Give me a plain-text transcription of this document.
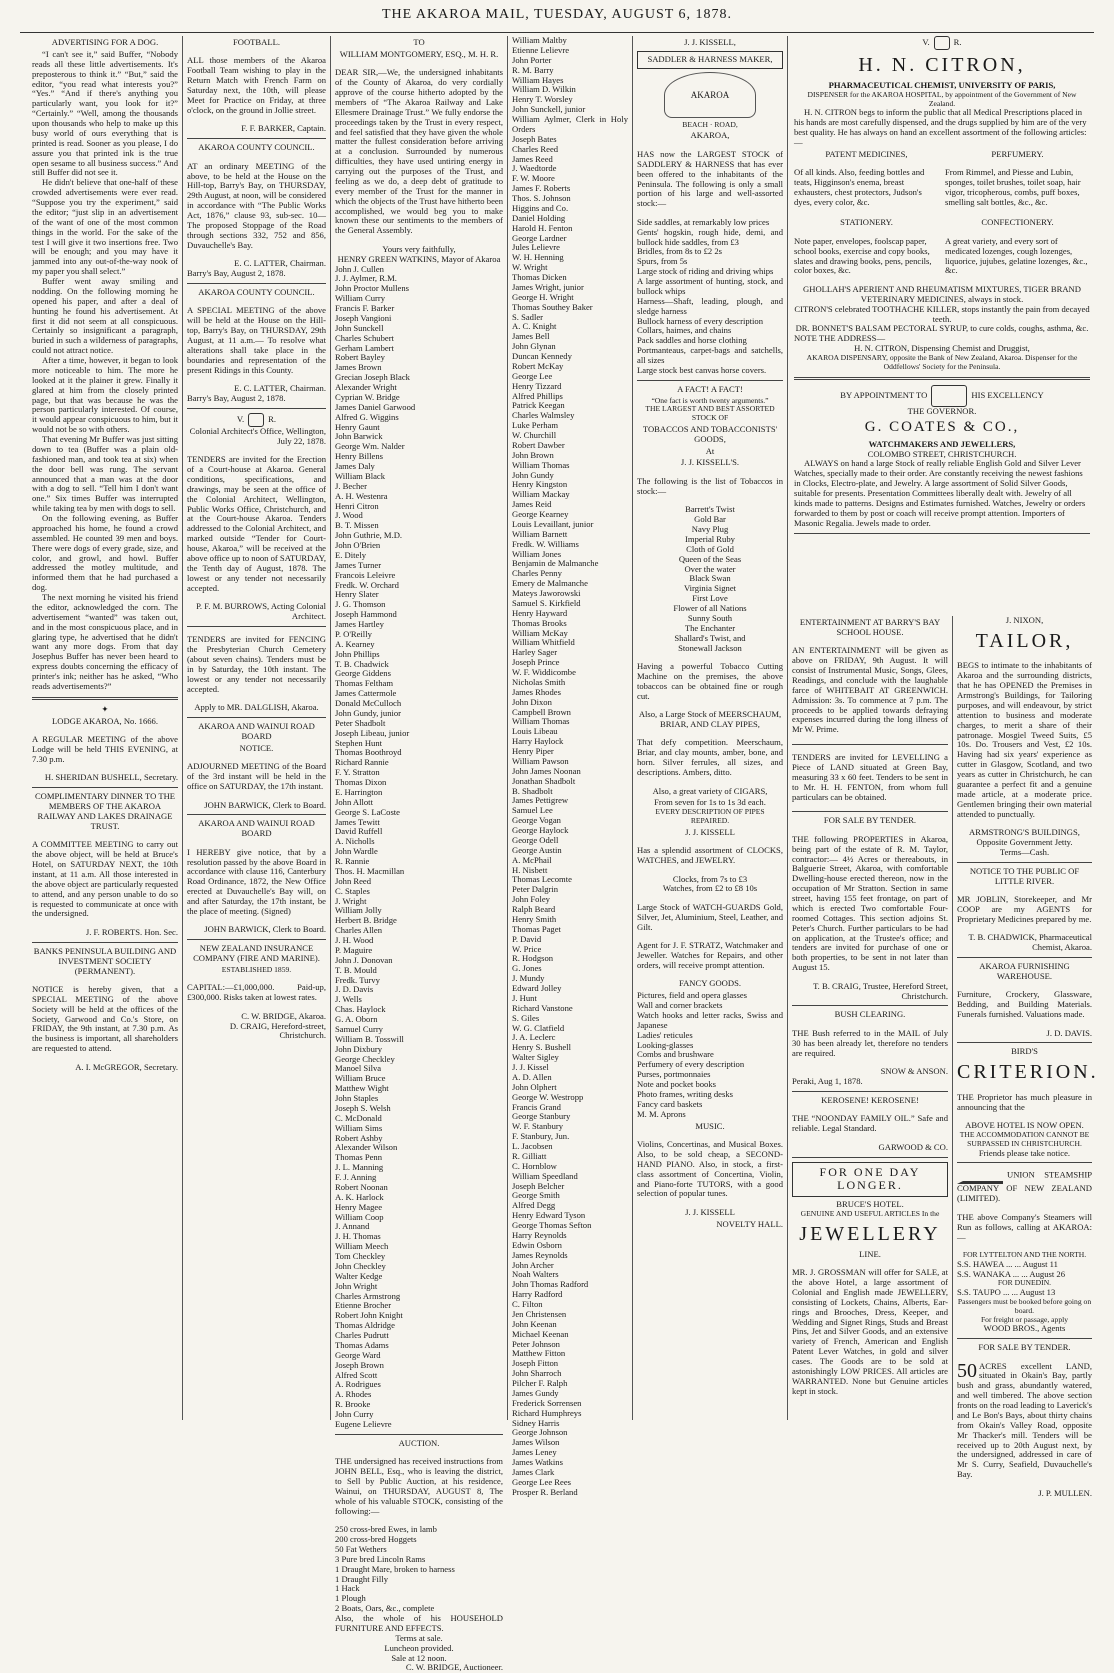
THE AKAROA MAIL, TUESDAY, AUGUST 6, 1878.
ADVERTISING FOR A DOG.

“I can't see it,” said Buffer, “Nobody reads all these little advertisements. It's preposterous to think it.” “But,” said the editor, “you read what interests you?” “Yes.” “And if there's anything you particularly want, you look for it?” “Certainly.” “Well, among the thousands upon thousands who help to make up this busy world of ours everything that is printed is read. Sooner as you please, I do assure you that printed ink is the true open sesame to all business success.” And still Buffer did not see it.

He didn't believe that one-half of these crowded advertisements were ever read. “Suppose you try the experiment,” said the editor; “just slip in an advertisement of the want of one of the most common things in the world. For the sake of the test I will give it two insertions free. Two will be enough; and you may have it jammed into any out-of-the-way nook of my paper you shall select.”

Buffer went away smiling and nodding. On the following morning he opened his paper, and after a deal of hunting he found his advertisement. At first it did not seem at all conspicuous. Certainly so insignificant a paragraph, buried in such a wilderness of paragraphs, could not attract notice.

After a time, however, it began to look more noticeable to him. The more he looked at it the plainer it grew. Finally it glared at him from the closely printed page, but that was because he was the person particularly interested. Of course, it would appear conspicuous to him, but it would not be so with others.

That evening Mr Buffer was just sitting down to tea (Buffer was a plain old-fashioned man, and took tea at six) when the door bell was rung. The servant announced that a man was at the door with a dog to sell. “Tell him I don't want one.” Six times Buffer was interrupted while taking tea by men with dogs to sell.

On the following evening, as Buffer approached his home, he found a crowd assembled. He counted 39 men and boys. There were dogs of every grade, size, and color, and growl, and howl. Buffer addressed the motley multitude, and informed them that he had purchased a dog.

The next morning he visited his friend the editor, acknowledged the corn. The advertisement “wanted” was taken out, and in the most conspicuous place, and in glaring type, he advertised that he didn't want any more dogs. From that day Josephus Buffer has never been heard to express doubts concerning the efficacy of printer's ink; neither has he asked, “Who reads advertisements?”

✦
LODGE AKAROA, No. 1666.

A REGULAR MEETING of the above Lodge will be held THIS EVENING, at 7.30 p.m.

H. SHERIDAN BUSHELL, Secretary.
COMPLIMENTARY DINNER TO THE MEMBERS OF THE AKAROA RAILWAY AND LAKES DRAINAGE TRUST.

A COMMITTEE MEETING to carry out the above object, will be held at Bruce's Hotel, on SATURDAY NEXT, the 10th instant, at 11 a.m. All those interested in the above object are particularly requested to attend, and any person unable to do so is requested to communicate at once with the undersigned.

J. F. ROBERTS. Hon. Sec.
BANKS PENINSULA BUILDING AND INVESTMENT SOCIETY (PERMANENT).

NOTICE is hereby given, that a SPECIAL MEETING of the above Society will be held at the offices of the Society, Garwood and Co.'s Store, on FRIDAY, the 9th instant, at 7.30 p.m. As the business is important, all shareholders are requested to attend.

A. I. McGREGOR, Secretary.
FOOTBALL.

ALL those members of the Akaroa Football Team wishing to play in the Return Match with French Farm on Saturday next, the 10th, will please Meet for Practice on Friday, at three o'clock, on the ground in Jollie street.

F. F. BARKER, Captain.
AKAROA COUNTY COUNCIL.

AT an ordinary MEETING of the above, to be held at the House on the Hill-top, Barry's Bay, on THURSDAY, 29th August, at noon, will be considered in accordance with “The Public Works Act, 1876,” clause 93, sub-sec. 10— The proposed Stoppage of the Road through sections 332, 752 and 856, Duvauchelle's Bay.

E. C. LATTER, Chairman.
Barry's Bay, August 2, 1878.
AKAROA COUNTY COUNCIL.

A SPECIAL MEETING of the above will be held at the House on the Hill-top, Barry's Bay, on THURSDAY, 29th August, at 11 a.m.— To resolve what alterations shall take place in the boundaries and representation of the present Ridings in this County.

E. C. LATTER, Chairman.
Barry's Bay, August 2, 1878.
V.	R.
Colonial Architect's Office, Wellington, July 22, 1878.

TENDERS are invited for the Erection of a Court-house at Akaroa. General conditions, specifications, and drawings, may be seen at the office of the Colonial Architect, Wellington, Public Works Office, Christchurch, and at the Court-house Akaroa. Tenders addressed to the Colonial Architect, and marked outside “Tender for Court-house, Akaroa,” will be received at the above office up to noon of SATURDAY, the Tenth day of August, 1878. The lowest or any tender not necessarily accepted.

P. F. M. BURROWS, Acting Colonial Architect.

TENDERS are invited for FENCING the Presbyterian Church Cemetery (about seven chains). Tenders must be in by Saturday, the 10th instant. The lowest or any tender not necessarily accepted.

Apply to MR. DALGLISH, Akaroa.
AKAROA AND WAINUI ROAD BOARD
NOTICE.

ADJOURNED MEETING of the Board of the 3rd instant will be held in the office on SATURDAY, the 17th instant.

JOHN BARWICK, Clerk to Board.
AKAROA AND WAINUI ROAD BOARD

I HEREBY give notice, that by a resolution passed by the above Board in accordance with clause 116, Canterbury Road Ordinance, 1872, the New Office erected at Duvauchelle's Bay will, on and after Saturday, the 17th instant, be the place of meeting. (Signed)

JOHN BARWICK, Clerk to Board.
NEW ZEALAND INSURANCE COMPANY (FIRE AND MARINE).
ESTABLISHED 1859.

CAPITAL:—£1,000,000. Paid-up, £300,000. Risks taken at lowest rates.

C. W. BRIDGE, Akaroa.
D. CRAIG, Hereford-street, Christchurch.
TO
WILLIAM MONTGOMERY, ESQ., M. H. R.

DEAR SIR,—We, the undersigned inhabitants of the County of Akaroa, do very cordially approve of the course hitherto adopted by the members of “The Akaroa Railway and Lake Ellesmere Drainage Trust.” We fully endorse the proceedings taken by the Trust in every respect, and feel satisfied that they have given the whole matter the fullest consideration before arriving at a conclusion. Surrounded by numerous difficulties, they have used untiring energy in carrying out the purposes of the Trust, and feeling as we do, a deep debt of gratitude to every member of the Trust for the manner in which the objects of the Trust have hitherto been accomplished, we would beg you to make known these our sentiments to the members of the General Assembly.

Yours very faithfully,
HENRY GREEN WATKINS, Mayor of Akaroa
John J. Cullen
J. J. Aylmer, R.M.
John Proctor Mullens
William Curry
Francis F. Barker
Joseph Vangioni
John Sunckell
Charles Schubert
Gerham Lambert
Robert Bayley
James Brown
Grecian Joseph Black
Alexander Wright
Cyprian W. Bridge
James Daniel Garwood
Alfred G. Wiggins
Henry Gaunt
John Barwick
George Wm. Nalder
Henry Billens
James Daly
William Black
J. Becher
A. H. Westenra
Henri Citron
J. Wood
B. T. Missen
John Guthrie, M.D.
John O'Brien
E. Ditely
James Turner
Francois Leleivre
Fredk. W. Orchard
Henry Slater
J. G. Thomson
Joseph Hammond
James Hartley
P. O'Reilly
A. Kearney
John Phillips
T. B. Chadwick
George Giddens
Thomas Feltham
James Cattermole
Donald McCulloch
John Gundy, junior
Peter Shadbolt
Joseph Libeau, junior
Stephen Hunt
Thomas Boothroyd
Richard Rannie
F. Y. Stratton
Thomas Dixon
E. Harrington
John Allott
George S. LaCoste
James Tewitt
David Ruffell
A. Nicholls
John Wardle
R. Rannie
Thos. H. Macmillan
John Reed
C. Staples
J. Wright
William Jolly
Herbert B. Bridge
Charles Allen
J. H. Wood
P. Maguire
John J. Donovan
T. B. Mould
Fredk. Turvy
J. D. Davis
J. Wells
Chas. Haylock
G. A. Oborn
Samuel Curry
William B. Tosswill
John Dixbury
George Checkley
Manoel Silva
William Bruce
Matthew Wight
John Staples
Joseph S. Welsh
C. McDonald
William Sims
Robert Ashby
Alexander Wilson
Thomas Penn
J. L. Manning
F. J. Anning
Robert Noonan
A. K. Harlock
Henry Magee
William Coop
J. Annand
J. H. Thomas
William Meech
Tom Checkley
John Checkley
Walter Kedge
John Wright
Charles Armstrong
Etienne Brocher
Robert John Knight
Thomas Aldridge
Charles Pudrutt
Thomas Adams
George Ward
Joseph Brown
Alfred Scott
A. Rodrigues
A. Rhodes
R. Brooke
John Curry
Eugene Lelievre
AUCTION.

THE undersigned has received instructions from JOHN BELL, Esq., who is leaving the district, to Sell by Public Auction, at his residence, Wainui, on THURSDAY, AUGUST 8, The whole of his valuable STOCK, consisting of the following:—

250 cross-bred Ewes, in lamb
200 cross-bred Hoggets
50 Fat Wethers
3 Pure bred Lincoln Rams
1 Draught Mare, broken to harness
1 Draught Filly
1 Hack
1 Plough
2 Boats, Oars, &c., complete
Also, the whole of his HOUSEHOLD FURNITURE AND EFFECTS.
Terms at sale.
Luncheon provided.
Sale at 12 noon.
C. W. BRIDGE, Auctioneer.
William Maltby
Etienne Lelievre
John Porter
R. M. Barry
William Hayes
William D. Wilkin
Henry T. Worsley
John Sunckell, junior
William Aylmer, Clerk in Holy Orders
Joseph Bates
Charles Reed
James Reed
J. Waedtorde
F. W. Moore
James F. Roberts
Thos. S. Johnson
Higgins and Co.
Daniel Holding
Harold H. Fenton
George Lardner
Jules Lelievre
W. H. Henning
W. Wright
Thomas Dicken
James Wright, junior
George H. Wright
Thomas Southey Baker
S. Sadler
A. C. Knight
James Bell
John Glynan
Duncan Kennedy
Robert McKay
George Lee
Henry Tizzard
Alfred Phillips
Patrick Keegan
Charles Walmsley
Luke Perham
W. Churchill
Robert Dawber
John Brown
William Thomas
John Gundy
Henry Kingston
William Mackay
James Reid
George Kearney
Louis Levaillant, junior
William Barnett
Fredk. W. Williams
William Jones
Benjamin de Malmanche
Charles Penny
Emery de Malmanche
Mateys Jaworowski
Samuel S. Kirkfield
Henry Hayward
Thomas Brooks
William McKay
William Whitfield
Harley Sager
Joseph Prince
W. F. Widdicombe
Nicholas Smith
James Rhodes
John Dixon
Campbell Brown
William Thomas
Louis Libeau
Harry Haylock
Henry Piper
William Pawson
John James Noonan
Jonathan Shadbolt
B. Shadbolt
James Pettigrew
Samuel Lee
George Vogan
George Haylock
George Odell
George Austin
A. McPhail
H. Nisbett
Thomas Lecomte
Peter Dalgrin
John Foley
Ralph Beard
Henry Smith
Thomas Paget
P. David
W. Price
R. Hodgson
G. Jones
J. Mundy
Edward Jolley
J. Hunt
Richard Vanstone
S. Giles
W. G. Clatfield
J. A. Leclerc
Henry S. Bushell
Walter Sigley
J. J. Kissel
A. D. Allen
John Olphert
George W. Westropp
Francis Grand
George Stanbury
W. F. Stanbury
F. Stanbury, Jun.
L. Jacobsen
R. Gilliatt
C. Hornblow
William Speedland
Joseph Belcher
George Smith
Alfred Degg
Henry Edward Tyson
George Thomas Sefton
Harry Reynolds
Edwin Osborn
James Reynolds
John Archer
Noah Walters
John Thomas Radford
Harry Radford
C. Filton
Jen Christensen
John Keenan
Michael Keenan
Peter Johnson
Matthew Fitton
Joseph Fitton
John Sharroch
Pilcher F. Ralph
James Gundy
Frederick Sorrensen
Richard Humphreys
Sidney Harris
George Johnson
James Wilson
James Leney
James Watkins
James Clark
George Lee Rees
Prosper R. Berland
J. J. KISSELL,
SADDLER & HARNESS MAKER,
AKAROA
BEACH · ROAD,
AKAROA,

HAS now the LARGEST STOCK of SADDLERY & HARNESS that has ever been offered to the inhabitants of the Peninsula. The following is only a small portion of his large and well-assorted stock:—

Side saddles, at remarkably low prices
Gents' hogskin, rough hide, demi, and bullock hide saddles, from £3
Bridles, from 8s to £2 2s
Spurs, from 5s
Large stock of riding and driving whips
A large assortment of hunting, stock, and bullock whips
Harness—Shaft, leading, plough, and sledge harness
Bullock harness of every description
Collars, haimes, and chains
Pack saddles and horse clothing
Portmanteaus, carpet-bags and satchells, all sizes
Large stock best canvas horse covers.
A FACT! A FACT!
“One fact is worth twenty arguments.”
THE LARGEST AND BEST ASSORTED STOCK OF
TOBACCOS AND TOBACCONISTS' GOODS,
At
J. J. KISSELL'S.

The following is the list of Tobaccos in stock:—

Barrett's Twist
Gold Bar
Navy Plug
Imperial Ruby
Cloth of Gold
Queen of the Seas
Over the water
Black Swan
Virginia Signet
First Love
Flower of all Nations
Sunny South
The Enchanter
Shallard's Twist, and
Stonewall Jackson

Having a powerful Tobacco Cutting Machine on the premises, the above tobaccos can be obtained fine or rough cut.

Also, a Large Stock of MEERSCHAUM, BRIAR, AND CLAY PIPES,

That defy competition. Meerschaum, Briar, and clay mounts, amber, bone, and horn. Silver ferrules, all sizes, and descriptions. Ambers, ditto.

Also, a great variety of CIGARS,
From seven for 1s to 1s 3d each.
EVERY DESCRIPTION OF PIPES REPAIRED.
J. J. KISSELL

Has a splendid assortment of CLOCKS, WATCHES, and JEWELRY.

Clocks, from 7s to £3
Watches, from £2 to £8 10s

Large Stock of WATCH-GUARDS Gold, Silver, Jet, Aluminium, Steel, Leather, and Gilt.

Agent for J. F. STRATZ, Watchmaker and Jeweller. Watches for Repairs, and other orders, will receive prompt attention.

FANCY GOODS.
Pictures, field and opera glasses
Wall and corner brackets
Watch hooks and letter racks, Swiss and Japanese
Ladies' reticules
Looking-glasses
Combs and brushware
Perfumery of every description
Purses, portmonnaies
Note and pocket books
Photo frames, writing desks
Fancy card baskets
M. M. Aprons
MUSIC.

Violins, Concertinas, and Musical Boxes. Also, to be sold cheap, a SECOND-HAND PIANO. Also, in stock, a first-class assortment of Concertina, Violin, and Piano-forte TUTORS, with a good selection of popular tunes.

J. J. KISSELL
NOVELTY HALL.
V.	R.
H. N. CITRON,
PHARMACEUTICAL CHEMIST, UNIVERSITY OF PARIS,
DISPENSER for the AKAROA HOSPITAL, by appointment of the Government of New Zealand.

H. N. CITRON begs to inform the public that all Medical Prescriptions placed in his hands are most carefully dispensed, and the drugs supplied by him are of the very best quality. He has always on hand an excellent assortment of the following articles:—

PATENT MEDICINES,

Of all kinds. Also, feeding bottles and teats, Higginson's enema, breast exhausters, chest protectors, Judson's dyes, every color, &c.

PERFUMERY.

From Rimmel, and Piesse and Lubin, sponges, toilet brushes, toilet soap, hair vigor, tricopherous, combs, puff boxes, smelling salt bottles, &c., &c.

STATIONERY.

Note paper, envelopes, foolscap paper, school books, exercise and copy books, slates and drawing books, pens, pencils, color boxes, &c.

CONFECTIONERY.

A great variety, and every sort of medicated lozenges, cough lozenges, liquorice, jujubes, gelatine lozenges, &c., &c.

GHOLLAH'S APERIENT AND RHEUMATISM MIXTURES, TIGER BRAND VETERINARY MEDICINES, always in stock.
CITRON'S celebrated TOOTHACHE KILLER, stops instantly the pain from decayed teeth.
DR. BONNET'S BALSAM PECTORAL SYRUP, to cure colds, coughs, asthma, &c.
NOTE THE ADDRESS—
H. N. CITRON, Dispensing Chemist and Druggist,
AKAROA DISPENSARY, opposite the Bank of New Zealand, Akaroa. Dispenser for the Oddfellows' Society for the Peninsula.
BY APPOINTMENT TO	HIS EXCELLENCY
THE GOVERNOR.
G. COATES & CO.,
WATCHMAKERS AND JEWELLERS,
COLOMBO STREET, CHRISTCHURCH.

ALWAYS on hand a large Stock of really reliable English Gold and Silver Lever Watches, specially made to their order. Are constantly receiving the newest fashions in Clocks, Electro-plate, and Jewelry. A large assortment of Solid Silver Goods, suitable for presents. Presentation Committees liberally dealt with. Jewelry of all kinds made to patterns. Designs and Estimates furnished. Watches, Jewelry or orders forwarded to them by post or coach will receive prompt attention. Importers of Masonic Regalia. Jewels made to order.

ENTERTAINMENT AT BARRY'S BAY SCHOOL HOUSE.

AN ENTERTAINMENT will be given as above on FRIDAY, 9th August. It will consist of Instrumental Music, Songs, Glees, Readings, and conclude with the laughable farce of WHITEBAIT AT GREENWICH. Admission: 3s. To commence at 7 p.m. The proceeds to be applied towards defraying expenses incurred during the long illness of Mr W. Prime.

TENDERS are invited for LEVELLING a Piece of LAND situated at Green Bay, measuring 33 x 60 feet. Tenders to be sent in to Mr. H. H. FENTON, from whom full particulars can be obtained.

FOR SALE BY TENDER.

THE following PROPERTIES in Akaroa, being part of the estate of R. M. Taylor, contractor:— 4½ Acres or thereabouts, in Balguerie Street, Akaroa, with comfortable Dwelling-house erected thereon, now in the occupation of Mr Stratton. Section in same street, having 155 feet frontage, on part of which is erected Two comfortable Four-roomed Cottages. This section adjoins St. Peter's Church. Further particulars to be had on application, at the Trustee's office; and tenders are invited for purchase of one or both properties, to be sent in not later than August 15.

T. B. CRAIG, Trustee, Hereford Street, Christchurch.
BUSH CLEARING.

THE Bush referred to in the MAIL of July 30 has been already let, therefore no tenders are required.

SNOW & ANSON.
Peraki, Aug 1, 1878.
KEROSENE! KEROSENE!

THE “NOONDAY FAMILY OIL.” Safe and reliable. Legal Standard.

GARWOOD & CO.
FOR ONE DAY LONGER.
BRUCE'S HOTEL.
GENUINE AND USEFUL ARTICLES In the
JEWELLERY
LINE.

MR. J. GROSSMAN will offer for SALE, at the above Hotel, a large assortment of Colonial and English made JEWELLERY, consisting of Lockets, Chains, Alberts, Ear-rings and Brooches, Dress, Keeper, and Wedding and Signet Rings, Studs and Breast Pins, Jet and Silver Goods, and an extensive variety of French, American and English Patent Lever Watches, in gold and silver cases. The Goods are to be sold at astonishingly LOW PRICES. All articles are WARRANTED. None but Genuine articles kept in stock.

J. NIXON,
TAILOR,

BEGS to intimate to the inhabitants of Akaroa and the surrounding districts, that he has OPENED the Premises in Armstrong's Buildings, for Tailoring purposes, and will endeavour, by strict attention to business and moderate charges, to merit a share of their patronage. Mosgiel Tweed Suits, £5 10s. Do. Trousers and Vest, £2 10s. Having had six years' experience as cutter in Glasgow, Scotland, and two years as cutter in Christchurch, he can guarantee a perfect fit and a genuine made article, at a moderate price. Gentlemen bringing their own material attended to punctually.

ARMSTRONG'S BUILDINGS, Opposite Government Jetty.
Terms—Cash.
NOTICE TO THE PUBLIC OF LITTLE RIVER.

MR JOBLIN, Storekeeper, and Mr COOP are my AGENTS for Proprietary Medicines prepared by me.

T. B. CHADWICK, Pharmaceutical Chemist, Akaroa.
AKAROA FURNISHING WAREHOUSE.

Furniture, Crockery, Glassware, Bedding, and Building Materials. Funerals furnished. Valuations made.

J. D. DAVIS.
BIRD'S
CRITERION.

THE Proprietor has much pleasure in announcing that the

ABOVE HOTEL IS NOW OPEN.
THE ACCOMMODATION CANNOT BE SURPASSED IN CHRISTCHURCH.
Friends please take notice.
UNION STEAMSHIP COMPANY OF NEW ZEALAND (LIMITED).

THE above Company's Steamers will Run as follows, calling at AKAROA:—

FOR LYTTELTON AND THE NORTH.
S.S. HAWEA ... ... August 11
S.S. WANAKA ... ... August 26
FOR DUNEDIN.
S.S. TAUPO ... ... August 13
Passengers must be booked before going on board.
For freight or passage, apply
WOOD BROS., Agents
FOR SALE BY TENDER.

50 ACRES excellent LAND, situated in Okain's Bay, partly bush and grass, abundantly watered, and well timbered. The above section fronts on the road leading to Laverick's and Le Bon's Bays, about thirty chains from Okain's Valley Road, opposite Mr Thacker's mill. Tenders will be received up to 20th August next, by the undersigned, addressed in care of Mr S. Curry, Seafield, Duvauchelle's Bay.

J. P. MULLEN.
